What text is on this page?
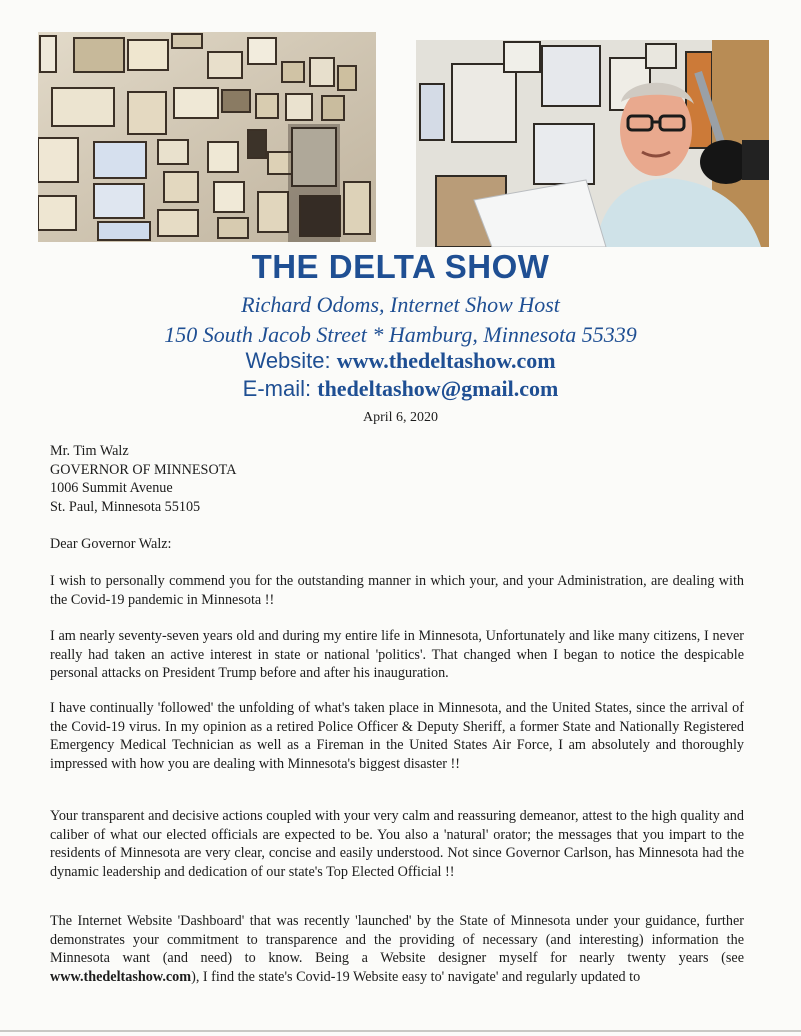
THE DELTA SHOW
Richard Odoms, Internet Show Host
150 South Jacob Street * Hamburg, Minnesota 55339
Website: www.thedeltashow.com
E-mail: thedeltashow@gmail.com
April 6, 2020
Mr. Tim Walz
GOVERNOR OF MINNESOTA
1006 Summit Avenue
St. Paul, Minnesota 55105
Dear Governor Walz:
I wish to personally commend you for the outstanding manner in which your, and your Administration, are dealing with the Covid-19 pandemic in Minnesota !!
I am nearly seventy-seven years old and during my entire life in Minnesota, Unfortunately and like many citizens, I never really had taken an active interest in state or national 'politics'. That changed when I began to notice the despicable personal attacks on President Trump before and after his inauguration.
I have continually 'followed' the unfolding of what's taken place in Minnesota, and the United States, since the arrival of the Covid-19 virus. In my opinion as a retired Police Officer & Deputy Sheriff, a former State and Nationally Registered Emergency Medical Technician as well as a Fireman in the United States Air Force, I am absolutely and thoroughly impressed with how you are dealing with Minnesota's biggest disaster !!
Your transparent and decisive actions coupled with your very calm and reassuring demeanor, attest to the high quality and caliber of what our elected officials are expected to be. You also a 'natural' orator; the messages that you impart to the residents of Minnesota are very clear, concise and easily understood. Not since Governor Carlson, has Minnesota had the dynamic leadership and dedication of our state's Top Elected Official !!
The Internet Website 'Dashboard' that was recently 'launched' by the State of Minnesota under your guidance, further demonstrates your commitment to transparence and the providing of necessary (and interesting) information the Minnesota want (and need) to know. Being a Website designer myself for nearly twenty years (see www.thedeltashow.com), I find the state's Covid-19 Website easy to' navigate' and regularly updated to
